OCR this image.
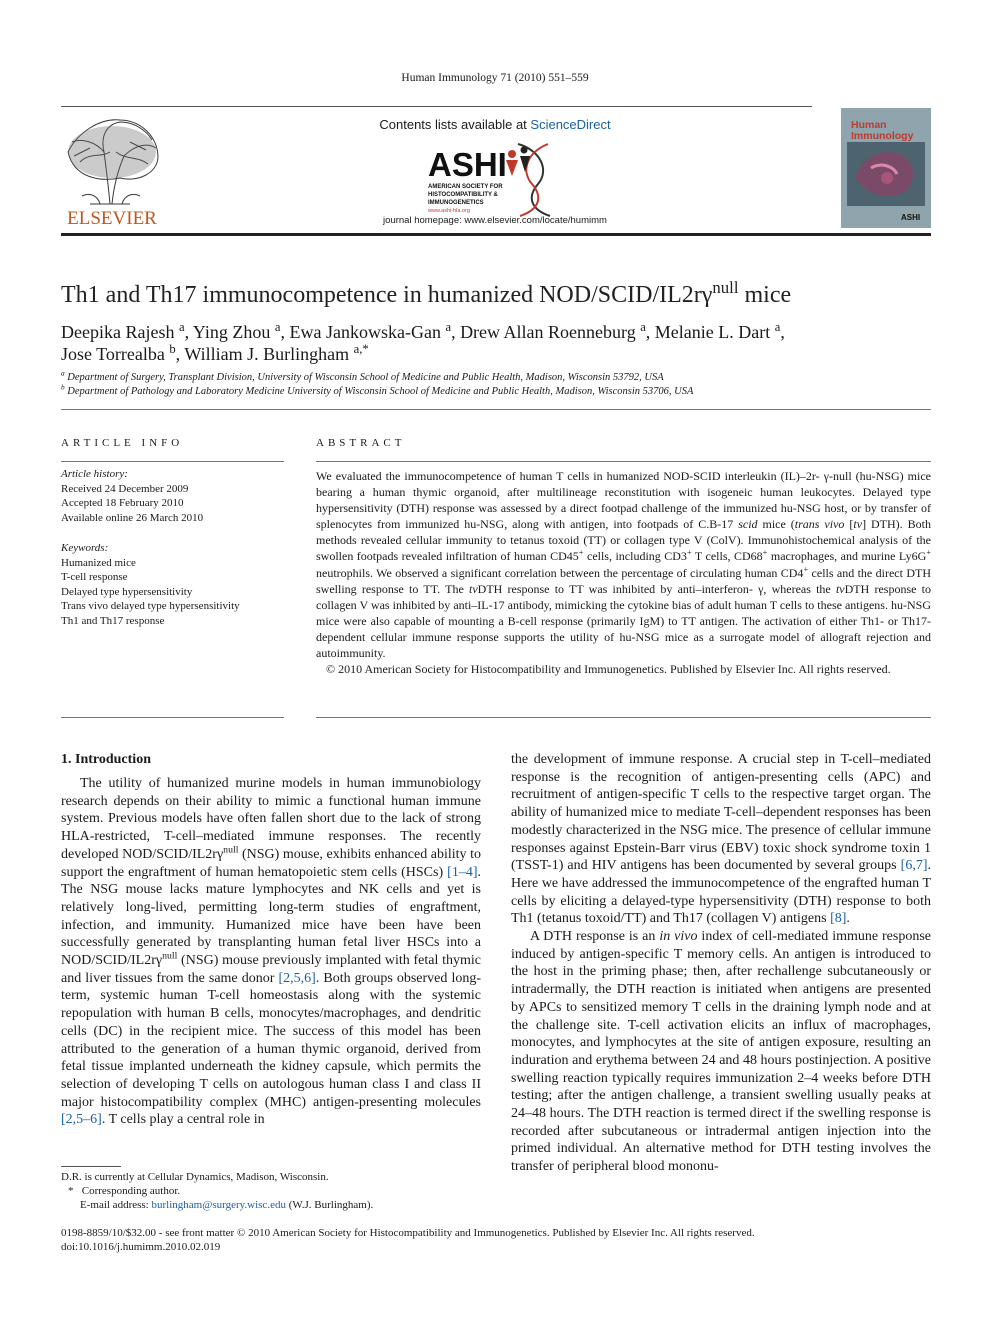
Human Immunology 71 (2010) 551–559
ELSEVIER
Contents lists available at ScienceDirect
ASHI
AMERICAN SOCIETY FOR
HISTOCOMPATIBILITY &
IMMUNOGENETICS
www.ashi-hla.org
journal homepage: www.elsevier.com/locate/humimm
Human
Immunology
ASHI
Th1 and Th17 immunocompetence in humanized NOD/$SCID/IL2r\gamma^{null}$ mice
Deepika Rajesh $^a$, Ying Zhou $^a$, Ewa Jankowska-Gan $^a$, Drew Allan Roenneburg $^a$, Melanie L. Dart $^a$,
Jose Torrealba $^b$, William J. Burlingham $^{a,*}$
$^a$ Department of Surgery, Transplant Division, University of Wisconsin School of Medicine and Public Health, Madison, Wisconsin 53792, USA
$^b$ Department of Pathology and Laboratory Medicine University of Wisconsin School of Medicine and Public Health, Madison, Wisconsin 53706, USA
ARTICLE INFO	ABSTRACT
Article history:
Received 24 December 2009
Accepted 18 February 2010
Available online 26 March 2010
Keywords:
Humanized mice
T-cell response
Delayed type hypersensitivity
Trans vivo delayed type hypersensitivity
Th1 and Th17 response
We evaluated the immunocompetence of human T cells in humanized NOD-SCID interleukin (IL)–2r- γ-null (hu-NSG) mice bearing a human thymic organoid, after multilineage reconstitution with isogeneic human leukocytes. Delayed type hypersensitivity (DTH) response was assessed by a direct footpad challenge of the immunized hu-NSG host, or by transfer of splenocytes from immunized hu-NSG, along with antigen, into footpads of C.B-17 scid mice (trans vivo [tv] DTH). Both methods revealed cellular immunity to tetanus toxoid (TT) or collagen type V (ColV). Immunohistochemical analysis of the swollen footpads revealed infiltration of human CD45+ cells, including CD3+ T cells, CD68+ macrophages, and murine Ly6G+ neutrophils. We observed a significant correlation between the percentage of circulating human CD4+ cells and the direct DTH swelling response to TT. The tvDTH response to TT was inhibited by anti–interferon- γ, whereas the tvDTH response to collagen V was inhibited by anti–IL-17 antibody, mimicking the cytokine bias of adult human T cells to these antigens. hu-NSG mice were also capable of mounting a B-cell response (primarily IgM) to TT antigen. The activation of either Th1- or Th17-dependent cellular immune response supports the utility of hu-NSG mice as a surrogate model of allograft rejection and autoimmunity.

© 2010 American Society for Histocompatibility and Immunogenetics. Published by Elsevier Inc. All rights reserved.

1. Introduction

The utility of humanized murine models in human immunobiology research depends on their ability to mimic a functional human immune system. Previous models have often fallen short due to the lack of strong HLA-restricted, T-cell–mediated immune responses. The recently developed NOD/$SCID/IL2r\gamma^{null}$ (NSG) mouse, exhibits enhanced ability to support the engraftment of human hematopoietic stem cells (HSCs) [1–4]. The NSG mouse lacks mature lymphocytes and NK cells and yet is relatively long-lived, permitting long-term studies of engraftment, infection, and immunity. Humanized mice have been have been successfully generated by transplanting human fetal liver HSCs into a NOD/$SCID/IL2r\gamma^{null}$ (NSG) mouse previously implanted with fetal thymic and liver tissues from the same donor [2,5,6]. Both groups observed long-term, systemic human T-cell homeostasis along with the systemic repopulation with human B cells, monocytes/macrophages, and dendritic cells (DC) in the recipient mice. The success of this model has been attributed to the generation of a human thymic organoid, derived from fetal tissue implanted underneath the kidney capsule, which permits the selection of developing T cells on autologous human class I and class II major histocompatibility complex (MHC) antigen-presenting molecules [2,5–6]. T cells play a central role in

the development of immune response. A crucial step in T-cell–mediated response is the recognition of antigen-presenting cells (APC) and recruitment of antigen-specific T cells to the respective target organ. The ability of humanized mice to mediate T-cell–dependent responses has been modestly characterized in the NSG mice. The presence of cellular immune responses against Epstein-Barr virus (EBV) toxic shock syndrome toxin 1 (TSST-1) and HIV antigens has been documented by several groups [6,7]. Here we have addressed the immunocompetence of the engrafted human T cells by eliciting a delayed-type hypersensitivity (DTH) response to both Th1 (tetanus toxoid/TT) and Th17 (collagen V) antigens [8].

A DTH response is an in vivo index of cell-mediated immune response induced by antigen-specific T memory cells. An antigen is introduced to the host in the priming phase; then, after rechallenge subcutaneously or intradermally, the DTH reaction is initiated when antigens are presented by APCs to sensitized memory T cells in the draining lymph node and at the challenge site. T-cell activation elicits an influx of macrophages, monocytes, and lymphocytes at the site of antigen exposure, resulting an induration and erythema between 24 and 48 hours postinjection. A positive swelling reaction typically requires immunization 2–4 weeks before DTH testing; after the antigen challenge, a transient swelling usually peaks at 24–48 hours. The DTH reaction is termed direct if the swelling response is recorded after subcutaneous or intradermal antigen injection into the primed individual. An alternative method for DTH testing involves the transfer of peripheral blood mononu-

D.R. is currently at Cellular Dynamics, Madison, Wisconsin.
* Corresponding author.
E-mail address: burlingham@surgery.wisc.edu (W.J. Burlingham).
0198-8859/10/$32.00 - see front matter © 2010 American Society for Histocompatibility and Immunogenetics. Published by Elsevier Inc. All rights reserved.
doi:10.1016/j.humimm.2010.02.019
